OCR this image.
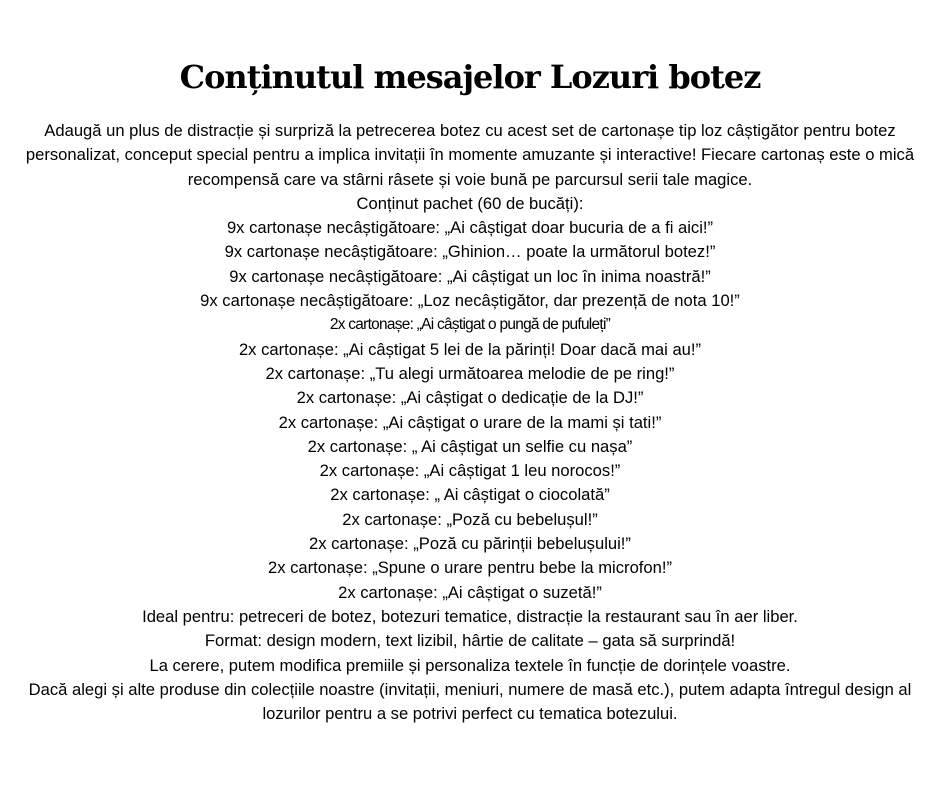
Conținutul mesajelor Lozuri botez

Adaugă un plus de distracție și surpriză la petrecerea botez cu acest set de cartonașe tip loz câștigător pentru botez personalizat, conceput special pentru a implica invitații în momente amuzante și interactive! Fiecare cartonaș este o mică recompensă care va stârni râsete și voie bună pe parcursul serii tale magice.

Conținut pachet (60 de bucăți):
9x cartonașe necâștigătoare: „Ai câștigat doar bucuria de a fi aici!”
9x cartonașe necâștigătoare: „Ghinion… poate la următorul botez!”
9x cartonașe necâștigătoare: „Ai câștigat un loc în inima noastră!”
9x cartonașe necâștigătoare: „Loz necâștigător, dar prezență de nota 10!”
2x cartonașe: „Ai câștigat o pungă de pufuleți”
2x cartonașe: „Ai câștigat 5 lei de la părinți! Doar dacă mai au!”
2x cartonașe: „Tu alegi următoarea melodie de pe ring!”
2x cartonașe: „Ai câștigat o dedicație de la DJ!”
2x cartonașe: „Ai câștigat o urare de la mami și tati!”
2x cartonașe: „ Ai câștigat un selfie cu nașa”
2x cartonașe: „Ai câștigat 1 leu norocos!”
2x cartonașe: „ Ai câștigat o ciocolată”
2x cartonașe: „Poză cu bebelușul!”
2x cartonașe: „Poză cu părinții bebelușului!”
2x cartonașe: „Spune o urare pentru bebe la microfon!”
2x cartonașe: „Ai câștigat o suzetă!”
Ideal pentru: petreceri de botez, botezuri tematice, distracție la restaurant sau în aer liber.
Format: design modern, text lizibil, hârtie de calitate – gata să surprindă!
La cerere, putem modifica premiile și personaliza textele în funcție de dorințele voastre.

Dacă alegi și alte produse din colecțiile noastre (invitații, meniuri, numere de masă etc.), putem adapta întregul design al lozurilor pentru a se potrivi perfect cu tematica botezului.
